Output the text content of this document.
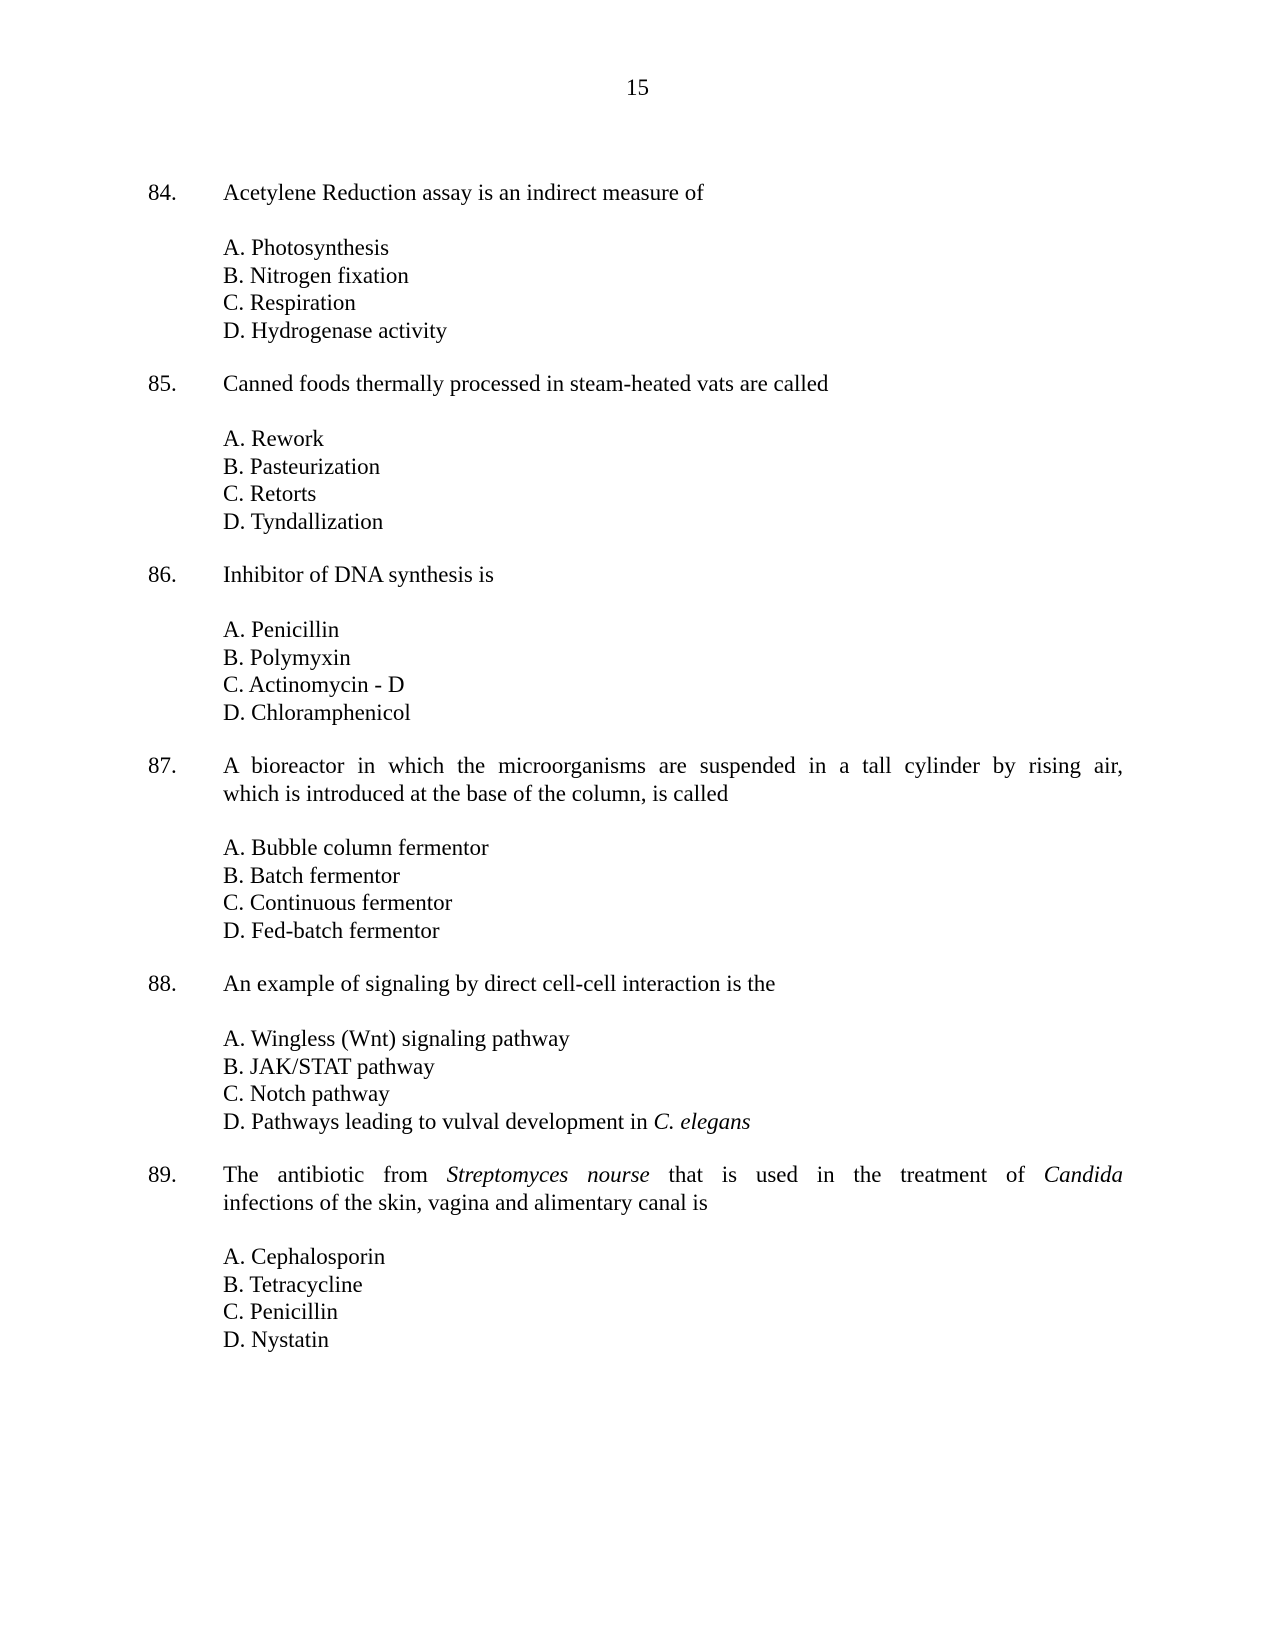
15
84. Acetylene Reduction assay is an indirect measure of
A. Photosynthesis
B. Nitrogen fixation
C. Respiration
D. Hydrogenase activity
85. Canned foods thermally processed in steam-heated vats are called
A. Rework
B. Pasteurization
C. Retorts
D. Tyndallization
86. Inhibitor of DNA synthesis is
A. Penicillin
B. Polymyxin
C. Actinomycin - D
D. Chloramphenicol
87. A bioreactor in which the microorganisms are suspended in a tall cylinder by rising air,
which is introduced at the base of the column, is called
A. Bubble column fermentor
B. Batch fermentor
C. Continuous fermentor
D. Fed-batch fermentor
88. An example of signaling by direct cell-cell interaction is the
A. Wingless (Wnt) signaling pathway
B. JAK/STAT pathway
C. Notch pathway
D. Pathways leading to vulval development in C. elegans
89. The antibiotic from Streptomyces nourse that is used in the treatment of Candida
infections of the skin, vagina and alimentary canal is
A. Cephalosporin
B. Tetracycline
C. Penicillin
D. Nystatin
